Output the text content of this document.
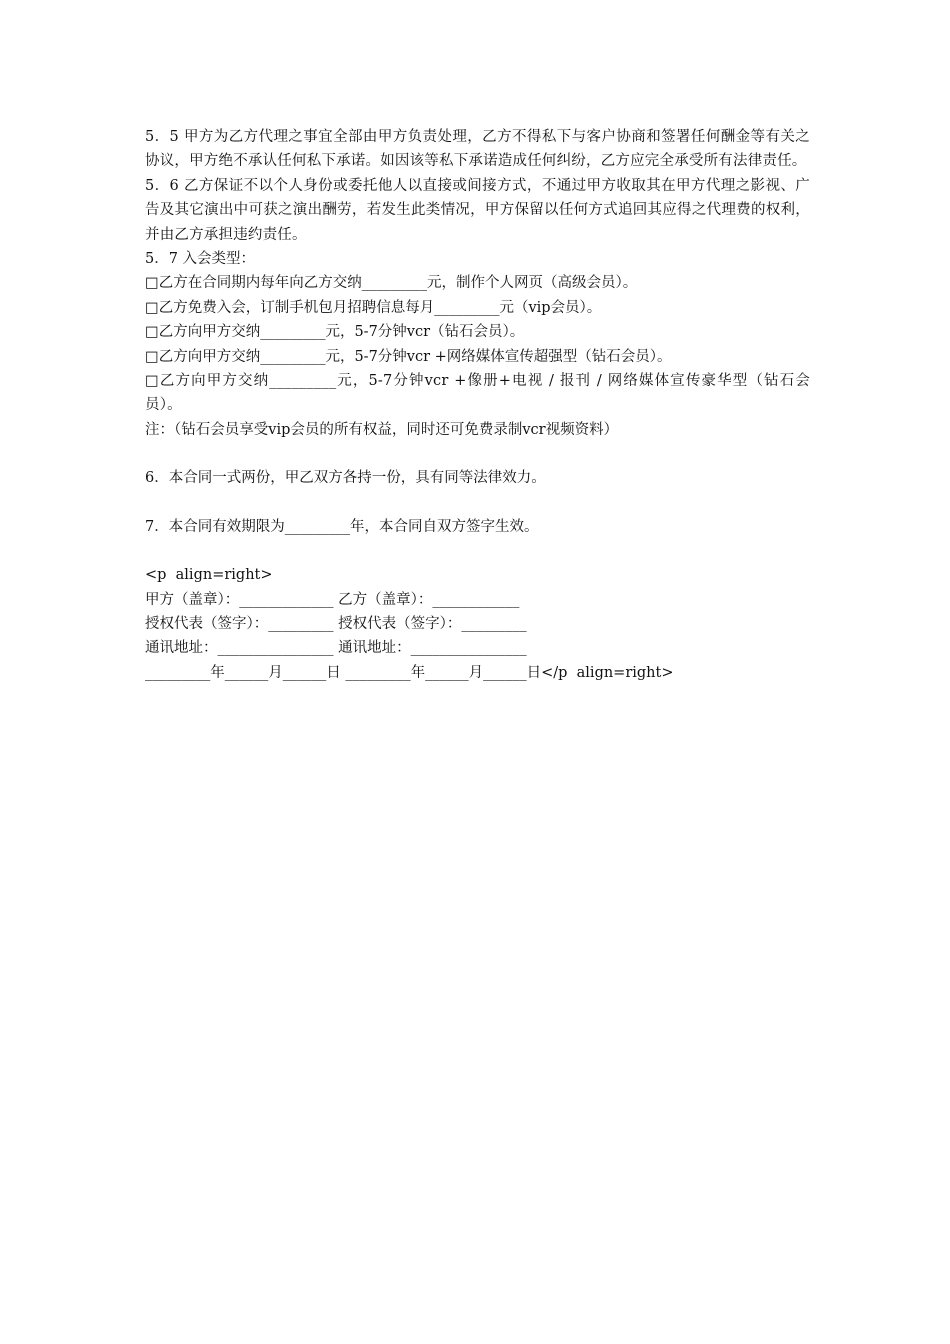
5．5 甲方为乙方代理之事宜全部由甲方负责处理，乙方不得私下与客户协商和签署任何酬金等有关之协议，甲方绝不承认任何私下承诺。如因该等私下承诺造成任何纠纷，乙方应完全承受所有法律责任。
5．6 乙方保证不以个人身份或委托他人以直接或间接方式，不通过甲方收取其在甲方代理之影视、广告及其它演出中可获之演出酬劳，若发生此类情况，甲方保留以任何方式追回其应得之代理费的权利，并由乙方承担违约责任。
5．7 入会类型：
□乙方在合同期内每年向乙方交纳_________元，制作个人网页（高级会员）。
□乙方免费入会，订制手机包月招聘信息每月_________元（vip会员）。
□乙方向甲方交纳_________元，5-7分钟vcr（钻石会员）。
□乙方向甲方交纳_________元，5-7分钟vcr +网络媒体宣传超强型（钻石会员）。
□乙方向甲方交纳_________元，5-7分钟vcr +像册+电视 / 报刊 / 网络媒体宣传豪华型（钻石会员）。
注：（钻石会员享受vip会员的所有权益，同时还可免费录制vcr视频资料）
6．本合同一式两份，甲乙双方各持一份，具有同等法律效力。
7．本合同有效期限为_________年，本合同自双方签字生效。
<p  align=right>
甲方（盖章）：_____________ 乙方（盖章）：____________
授权代表（签字）：_________ 授权代表（签字）：_________
通讯地址：________________ 通讯地址：________________
_________年______月______日 _________年______月______日</p  align=right>
